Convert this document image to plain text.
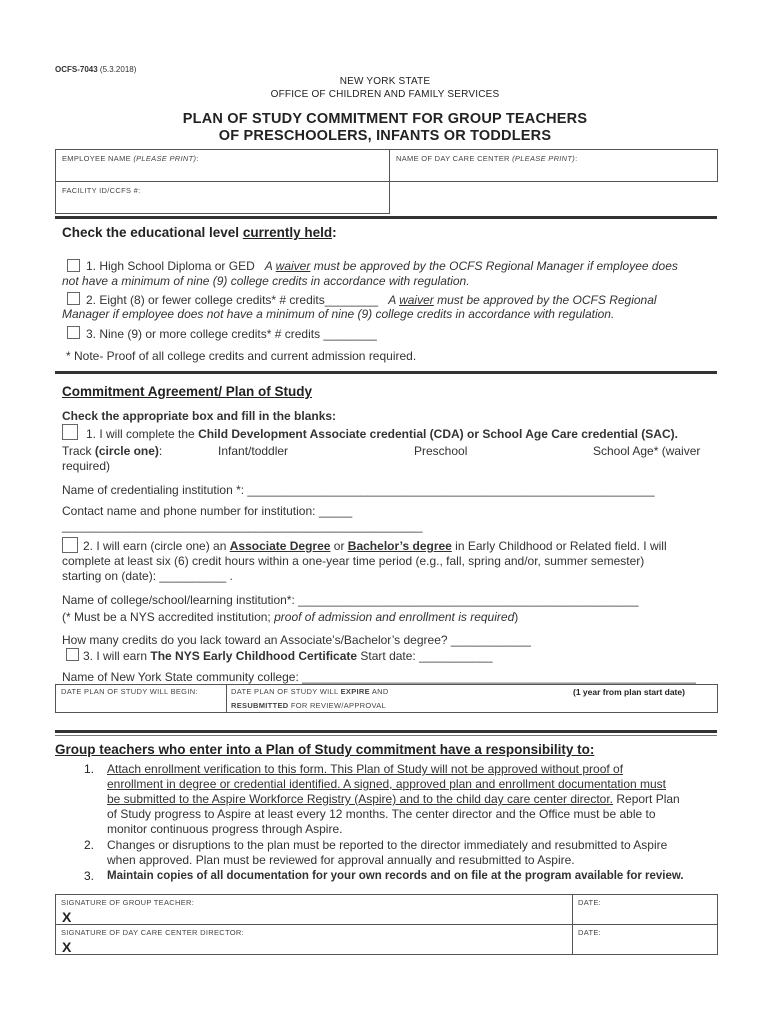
OCFS-7043 (5.3.2018)
NEW YORK STATE
OFFICE OF CHILDREN AND FAMILY SERVICES
PLAN OF STUDY COMMITMENT FOR GROUP TEACHERS
OF PRESCHOOLERS, INFANTS OR TODDLERS
EMPLOYEE NAME (PLEASE PRINT):	NAME OF DAY CARE CENTER (PLEASE PRINT):
FACILITY ID/CCFS #:
Check the educational level currently held:
1. High School Diploma or GED A waiver must be approved by the OCFS Regional Manager if employee does
not have a minimum of nine (9) college credits in accordance with regulation.
2. Eight (8) or fewer college credits* # credits________ A waiver must be approved by the OCFS Regional
Manager if employee does not have a minimum of nine (9) college credits in accordance with regulation.
3. Nine (9) or more college credits* # credits ________
* Note- Proof of all college credits and current admission required.
Commitment Agreement/ Plan of Study
Check the appropriate box and fill in the blanks:
1. I will complete the Child Development Associate credential (CDA) or School Age Care credential (SAC).
Track (circle one):	Infant/toddler	Preschool	School Age* (waiver
required)
Name of credentialing institution *: _____________________________________________________________
Contact name and phone number for institution: _____
______________________________________________________
2. I will earn (circle one) an Associate Degree or Bachelor’s degree in Early Childhood or Related field. I will
complete at least six (6) credit hours within a one-year time period (e.g., fall, spring and/or, summer semester)
starting on (date): __________ .
Name of college/school/learning institution*: ___________________________________________________
(* Must be a NYS accredited institution; proof of admission and enrollment is required)
How many credits do you lack toward an Associate’s/Bachelor’s degree? ____________
3. I will earn The NYS Early Childhood Certificate Start date: ___________
Name of New York State community college: ___________________________________________________________
DATE PLAN OF STUDY WILL BEGIN:	DATE PLAN OF STUDY WILL EXPIRE AND
RESUBMITTED FOR REVIEW/APPROVAL
(1 year from plan start date)
Group teachers who enter into a Plan of Study commitment have a responsibility to:
1. Attach enrollment verification to this form. This Plan of Study will not be approved without proof of
enrollment in degree or credential identified. A signed, approved plan and enrollment documentation must
be submitted to the Aspire Workforce Registry (Aspire) and to the child day care center director. Report Plan
of Study progress to Aspire at least every 12 months. The center director and the Office must be able to
monitor continuous progress through Aspire.
2. Changes or disruptions to the plan must be reported to the director immediately and resubmitted to Aspire
when approved. Plan must be reviewed for approval annually and resubmitted to Aspire.
3. Maintain copies of all documentation for your own records and on file at the program available for review.
SIGNATURE OF GROUP TEACHER:
X
DATE:
SIGNATURE OF DAY CARE CENTER DIRECTOR:
X
DATE:
